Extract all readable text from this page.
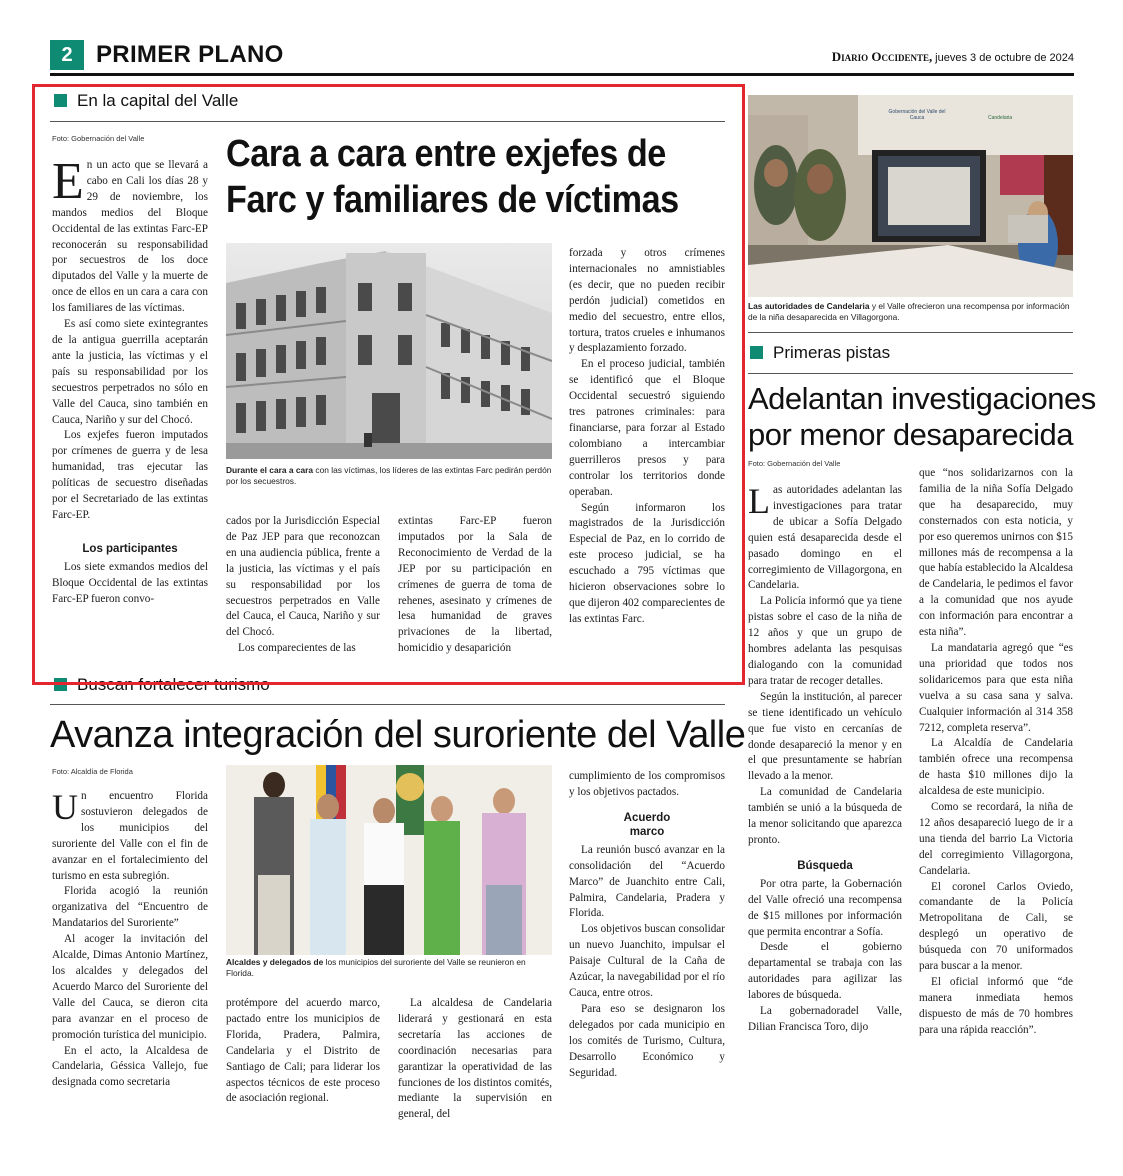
2 PRIMER PLANO	Diario Occidente, jueves 3 de octubre de 2024
En la capital del Valle
Foto: Gobernación del Valle Cara a cara entre exjefes de
Farc y familiares de víctimas
Durante el cara a cara con las víctimas, los líderes de las extintas Farc pedirán perdón por los secuestros.
E n un acto que se llevará a cabo en Cali los días 28 y 29 de noviembre, los mandos medios del Bloque Occidental de las extintas Farc-EP reconocerán su responsabilidad por secuestros de los doce diputados del Valle y la muerte de once de ellos en un cara a cara con los familiares de las víctimas.

Es así como siete exintegrantes de la antigua guerrilla aceptarán ante la justicia, las víctimas y el país su responsabilidad por los secuestros perpetrados no sólo en Valle del Cauca, sino también en Cauca, Nariño y sur del Chocó.

Los exjefes fueron imputados por crímenes de guerra y de lesa humanidad, tras ejecutar las políticas de secuestro diseñadas por el Secretariado de las extintas Farc-EP.

Los participantes

Los siete exmandos medios del Bloque Occidental de las extintas Farc-EP fueron convo-

cados por la Jurisdicción Especial de Paz JEP para que reconozcan en una audiencia pública, frente a la justicia, las víctimas y el país su responsabilidad por los secuestros perpetrados en Valle del Cauca, el Cauca, Nariño y sur del Chocó.

Los comparecientes de las

extintas Farc-EP fueron imputados por la Sala de Reconocimiento de Verdad de la JEP por su participación en crímenes de guerra de toma de rehenes, asesinato y crímenes de lesa humanidad de graves privaciones de la libertad, homicidio y desaparición

forzada y otros crímenes internacionales no amnistiables (es decir, que no pueden recibir perdón judicial) cometidos en medio del secuestro, entre ellos, tortura, tratos crueles e inhumanos y desplazamiento forzado.

En el proceso judicial, también se identificó que el Bloque Occidental secuestró siguiendo tres patrones criminales: para financiarse, para forzar al Estado colombiano a intercambiar guerrilleros presos y para controlar los territorios donde operaban.

Según informaron los magistrados de la Jurisdicción Especial de Paz, en lo corrido de este proceso judicial, se ha escuchado a 795 víctimas que hicieron observaciones sobre lo que dijeron 402 comparecientes de las extintas Farc.

Gobernación del Valle del Cauca	Candelaria
Las autoridades de Candelaria y el Valle ofrecieron una recompensa por información de la niña desaparecida en Villagorgona.
Primeras pistas
Adelantan investigaciones
por menor desaparecida
Foto: Gobernación del Valle
L as autoridades adelantan las investigaciones para tratar de ubicar a Sofía Delgado quien está desaparecida desde el pasado domingo en el corregimiento de Villagorgona, en Candelaria.

La Policía informó que ya tiene pistas sobre el caso de la niña de 12 años y que un grupo de hombres adelanta las pesquisas dialogando con la comunidad para tratar de recoger detalles.

Según la institución, al parecer se tiene identificado un vehículo que fue visto en cercanías de donde desapareció la menor y en el que presuntamente se habrían llevado a la menor.

La comunidad de Candelaria también se unió a la búsqueda de la menor solicitando que aparezca pronto.

Búsqueda

Por otra parte, la Gobernación del Valle ofreció una recompensa de $15 millones por información que permita encontrar a Sofía.

Desde el gobierno departamental se trabaja con las autoridades para agilizar las labores de búsqueda.

La gobernadoradel Valle, Dilian Francisca Toro, dijo

que “nos solidarizarnos con la familia de la niña Sofía Delgado que ha desaparecido, muy consternados con esta noticia, y por eso queremos unirnos con $15 millones más de recompensa a la que había establecido la Alcaldesa de Candelaria, le pedimos el favor a la comunidad que nos ayude con información para encontrar a esta niña”.

La mandataria agregó que “es una prioridad que todos nos solidaricemos para que esta niña vuelva a su casa sana y salva. Cualquier información al 314 358 7212, completa reserva”.

La Alcaldía de Candelaria también ofrece una recompensa de hasta $10 millones dijo la alcaldesa de este municipio.

Como se recordará, la niña de 12 años desapareció luego de ir a una tienda del barrio La Victoria del corregimiento Villagorgona, Candelaria.

El coronel Carlos Oviedo, comandante de la Policía Metropolitana de Cali, se desplegó un operativo de búsqueda con 70 uniformados para buscar a la menor.

El oficial informó que “de manera inmediata hemos dispuesto de más de 70 hombres para una rápida reacción”.

Buscan fortalecer turismo
Avanza integración del suroriente del Valle
Foto: Alcaldía de Florida
Alcaldes y delegados de los municipios del suroriente del Valle se reunieron en Florida.
U n encuentro Florida sostuvieron delegados de los municipios del suroriente del Valle con el fin de avanzar en el fortalecimiento del turismo en esta subregión.

Florida acogió la reunión organizativa del “Encuentro de Mandatarios del Suroriente”

Al acoger la invitación del Alcalde, Dimas Antonio Martínez, los alcaldes y delegados del Acuerdo Marco del Suroriente del Valle del Cauca, se dieron cita para avanzar en el proceso de promoción turística del municipio.

En el acto, la Alcaldesa de Candelaria, Géssica Vallejo, fue designada como secretaria

protémpore del acuerdo marco, pactado entre los municipios de Florida, Pradera, Palmira, Candelaria y el Distrito de Santiago de Cali; para liderar los aspectos técnicos de este proceso de asociación regional.

La alcaldesa de Candelaria liderará y gestionará en esta secretaría las acciones de coordinación necesarias para garantizar la operatividad de las funciones de los distintos comités, mediante la supervisión en general, del

cumplimiento de los compromisos y los objetivos pactados.

Acuerdo marco

La reunión buscó avanzar en la consolidación del “Acuerdo Marco” de Juanchito entre Cali, Palmira, Candelaria, Pradera y Florida.

Los objetivos buscan consolidar un nuevo Juanchito, impulsar el Paisaje Cultural de la Caña de Azúcar, la navegabilidad por el río Cauca, entre otros.

Para eso se designaron los delegados por cada municipio en los comités de Turismo, Cultura, Desarrollo Económico y Seguridad.
